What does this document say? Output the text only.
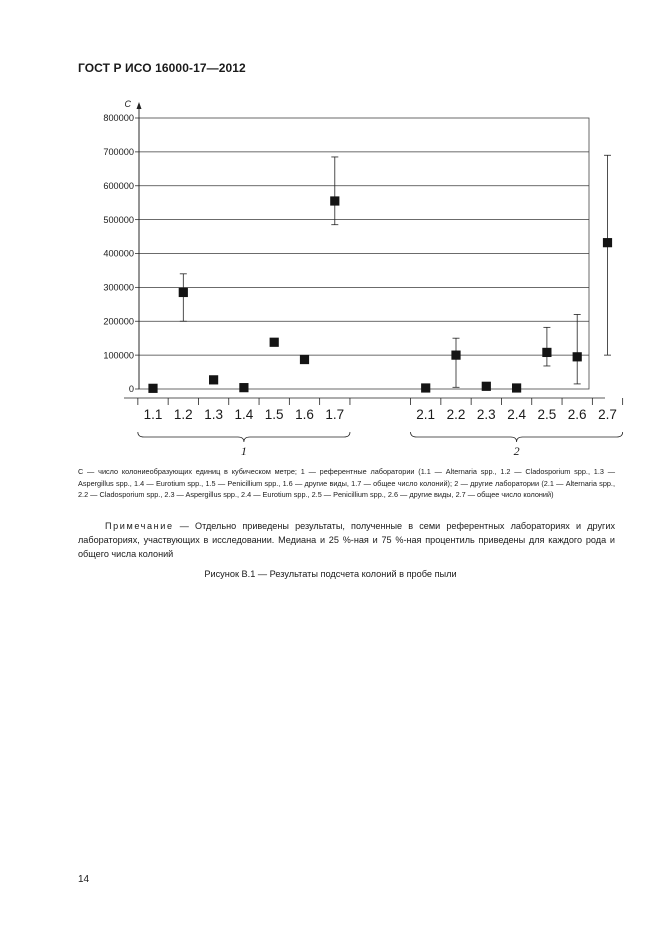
ГОСТ Р ИСО 16000-17—2012
0
100000
200000
300000
400000
500000
600000
700000
800000
C
1.1 1.2 1.3 1.4 1.5 1.6 1.7	2.1 2.2 2.3 2.4 2.5 2.6 2.7
1	2
С — число колониеобразующих единиц в кубическом метре; 1 — референтные лаборатории (1.1 — Alternaria spp., 1.2 — Cladosporium spp., 1.3 — Aspergillus spp., 1.4 — Eurotium spp., 1.5 — Penicillium spp., 1.6 — другие виды, 1.7 — общее число колоний); 2 — другие лаборатории (2.1 — Alternaria spp., 2.2 — Cladosporium spp., 2.3 — Aspergillus spp., 2.4 — Eurotium spp., 2.5 — Penicillium spp., 2.6 — другие виды, 2.7 — общее число колоний)
Примечание — Отдельно приведены результаты, полученные в семи референтных лабораториях и других лабораториях, участвующих в исследовании. Медиана и 25 %-ная и 75 %-ная процентиль приведены для каждого рода и общего числа колоний
Рисунок В.1 — Результаты подсчета колоний в пробе пыли
14
